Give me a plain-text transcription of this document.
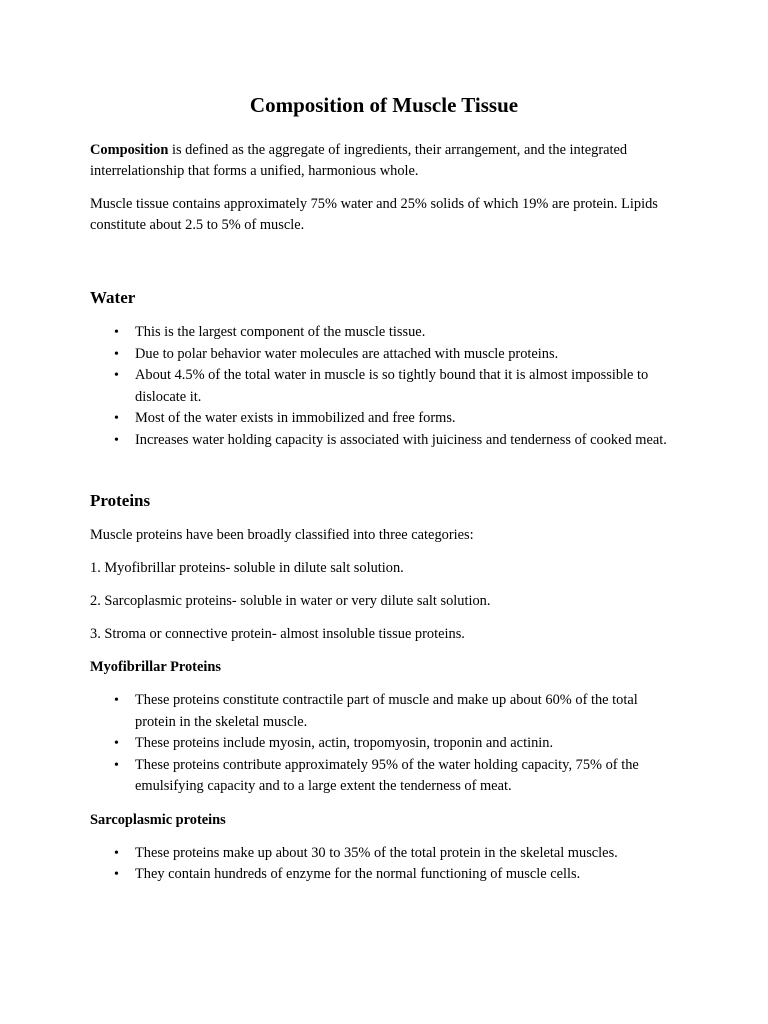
Composition of Muscle Tissue

Composition is defined as the aggregate of ingredients, their arrangement, and the integrated interrelationship that forms a unified, harmonious whole.

Muscle tissue contains approximately 75% water and 25% solids of which 19% are protein. Lipids constitute about 2.5 to 5% of muscle.

Water
• This is the largest component of the muscle tissue.
• Due to polar behavior water molecules are attached with muscle proteins.
• About 4.5% of the total water in muscle is so tightly bound that it is almost impossible to dislocate it.
• Most of the water exists in immobilized and free forms.
• Increases water holding capacity is associated with juiciness and tenderness of cooked meat.
Proteins

Muscle proteins have been broadly classified into three categories:

1. Myofibrillar proteins- soluble in dilute salt solution.

2. Sarcoplasmic proteins- soluble in water or very dilute salt solution.

3. Stroma or connective protein- almost insoluble tissue proteins.

Myofibrillar Proteins
• These proteins constitute contractile part of muscle and make up about 60% of the total protein in the skeletal muscle.
• These proteins include myosin, actin, tropomyosin, troponin and actinin.
• These proteins contribute approximately 95% of the water holding capacity, 75% of the emulsifying capacity and to a large extent the tenderness of meat.
Sarcoplasmic proteins
• These proteins make up about 30 to 35% of the total protein in the skeletal muscles.
• They contain hundreds of enzyme for the normal functioning of muscle cells.
